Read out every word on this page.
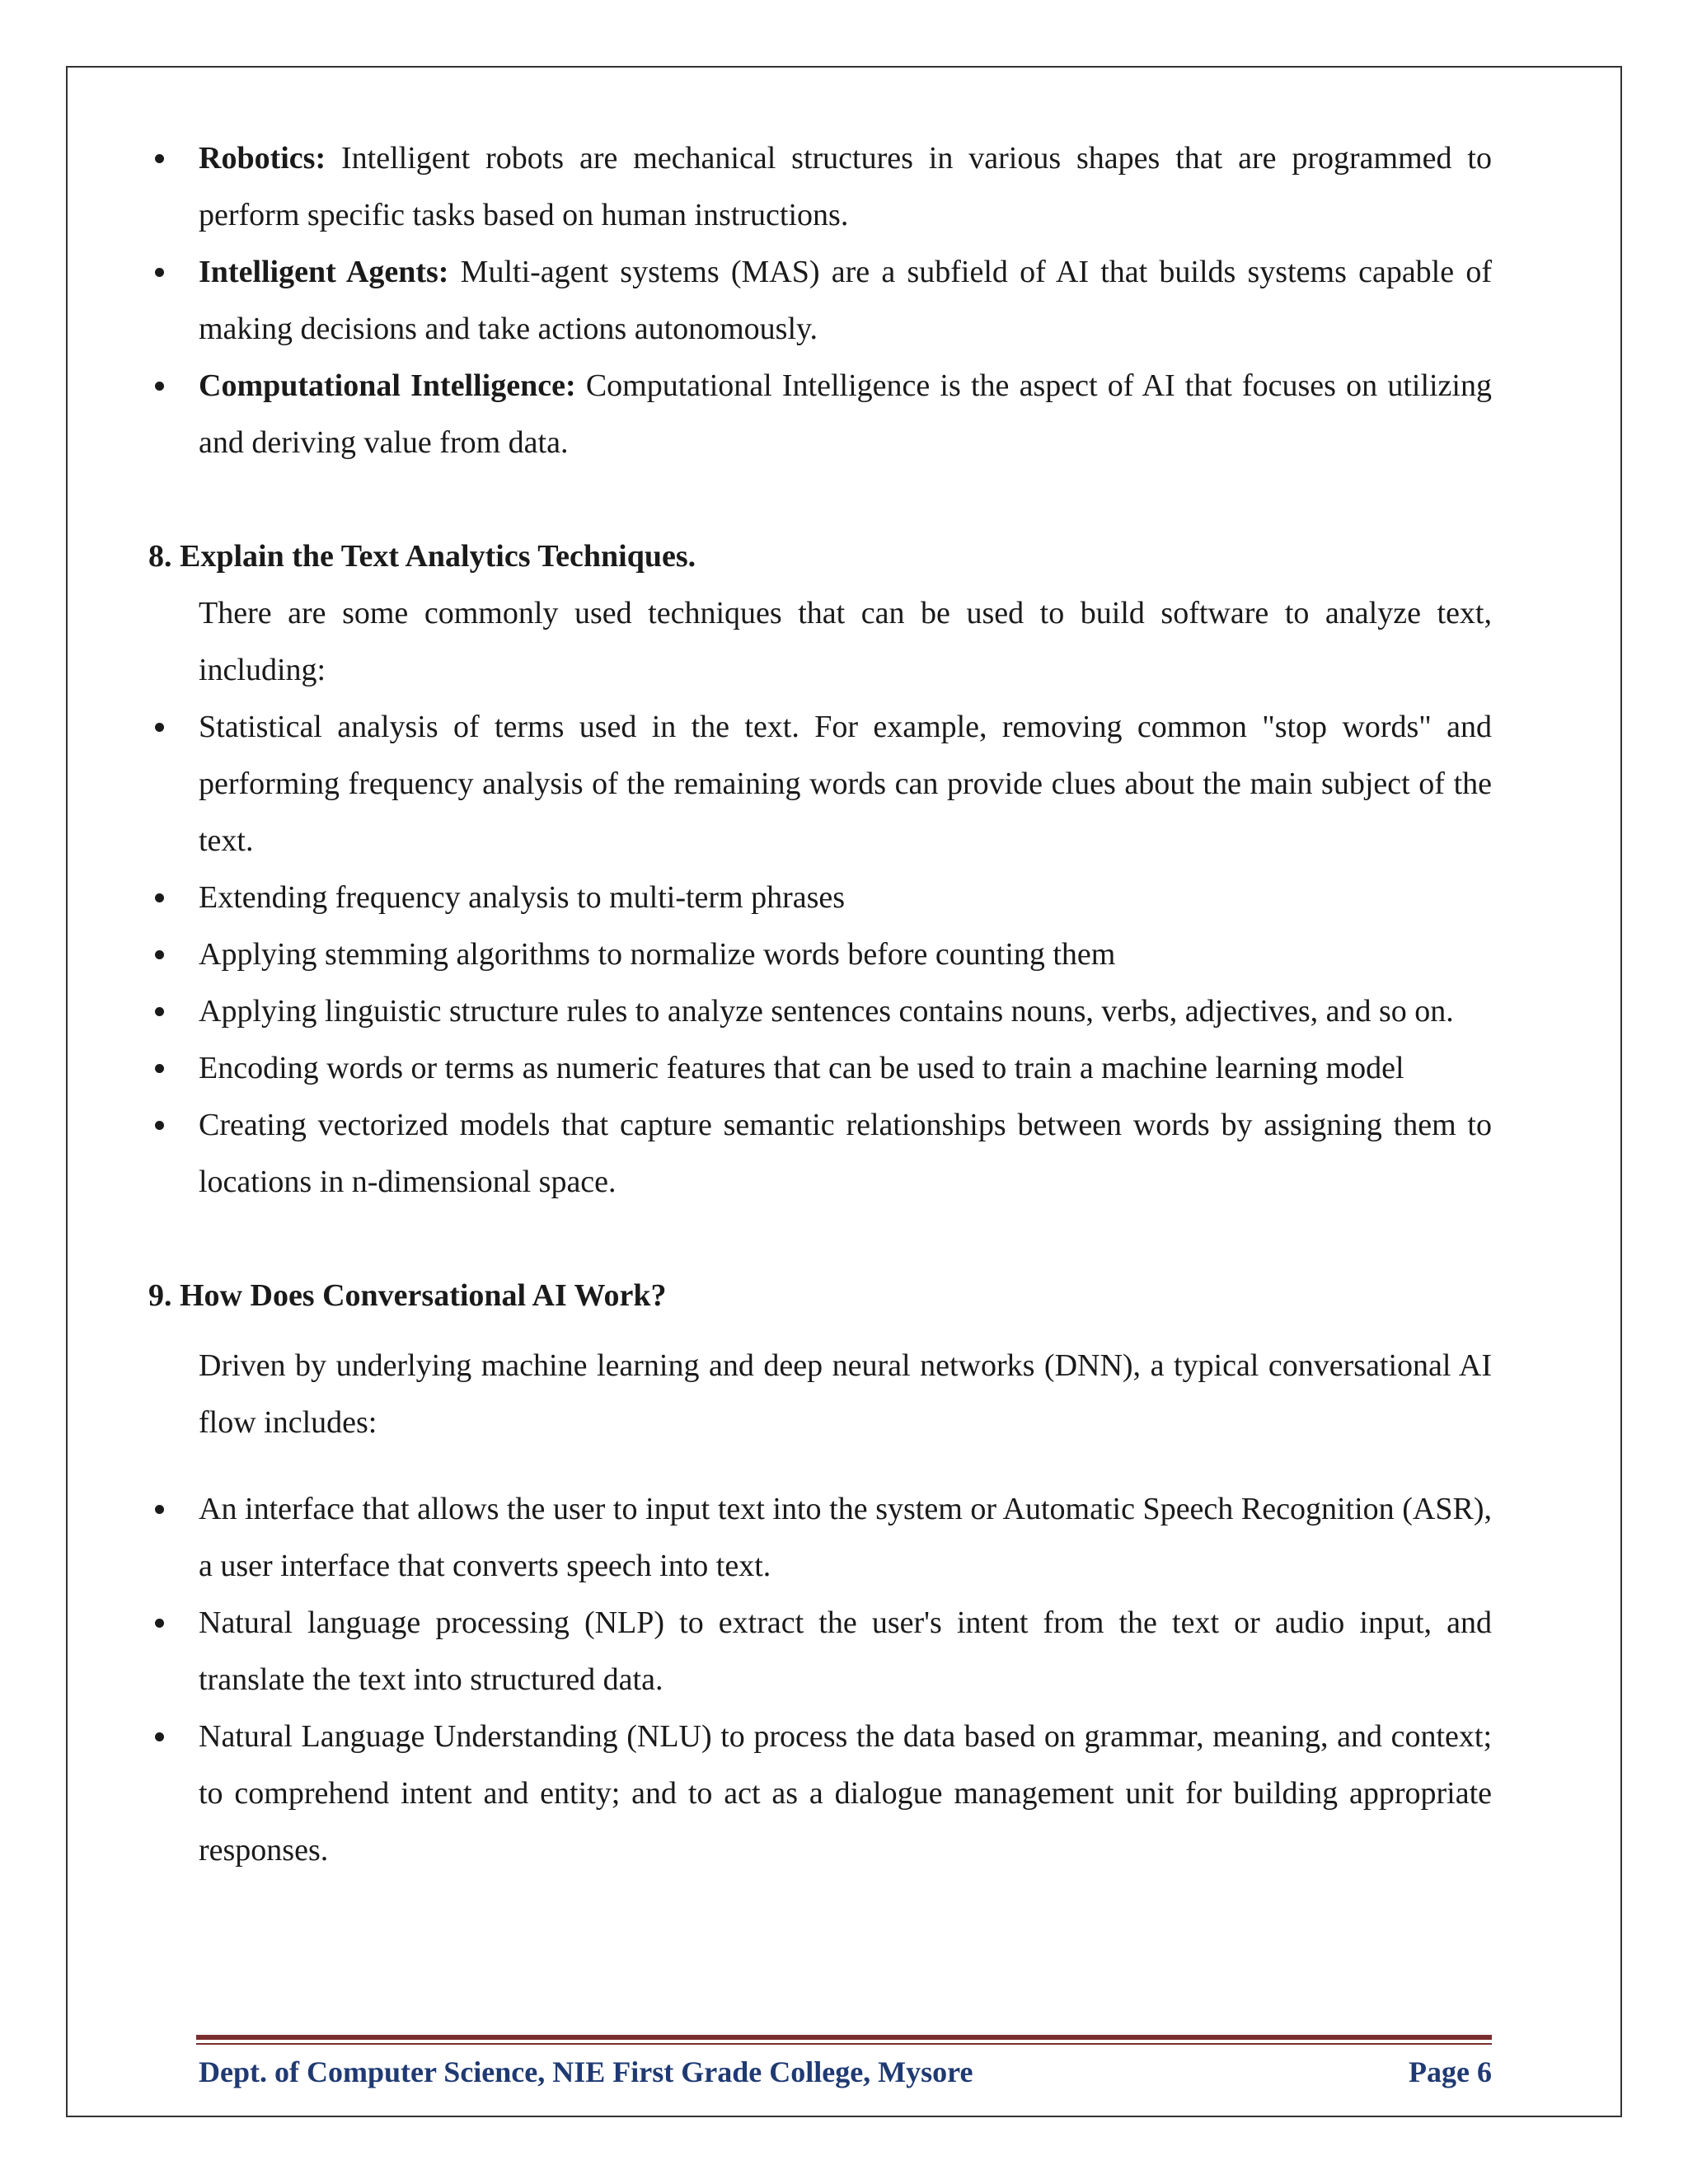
Robotics: Intelligent robots are mechanical structures in various shapes that are programmed to perform specific tasks based on human instructions.
Intelligent Agents: Multi-agent systems (MAS) are a subfield of AI that builds systems capable of making decisions and take actions autonomously.
Computational Intelligence: Computational Intelligence is the aspect of AI that focuses on utilizing and deriving value from data.
8. Explain the Text Analytics Techniques.

There are some commonly used techniques that can be used to build software to analyze text, including:

Statistical analysis of terms used in the text. For example, removing common "stop words" and performing frequency analysis of the remaining words can provide clues about the main subject of the text.
Extending frequency analysis to multi-term phrases
Applying stemming algorithms to normalize words before counting them
Applying linguistic structure rules to analyze sentences contains nouns, verbs, adjectives, and so on.
Encoding words or terms as numeric features that can be used to train a machine learning model
Creating vectorized models that capture semantic relationships between words by assigning them to locations in n-dimensional space.
9. How Does Conversational AI Work?

Driven by underlying machine learning and deep neural networks (DNN), a typical conversational AI flow includes:

An interface that allows the user to input text into the system or Automatic Speech Recognition (ASR), a user interface that converts speech into text.
Natural language processing (NLP) to extract the user's intent from the text or audio input, and translate the text into structured data.
Natural Language Understanding (NLU) to process the data based on grammar, meaning, and context; to comprehend intent and entity; and to act as a dialogue management unit for building appropriate responses.
Dept. of Computer Science, NIE First Grade College, Mysore	Page 6
